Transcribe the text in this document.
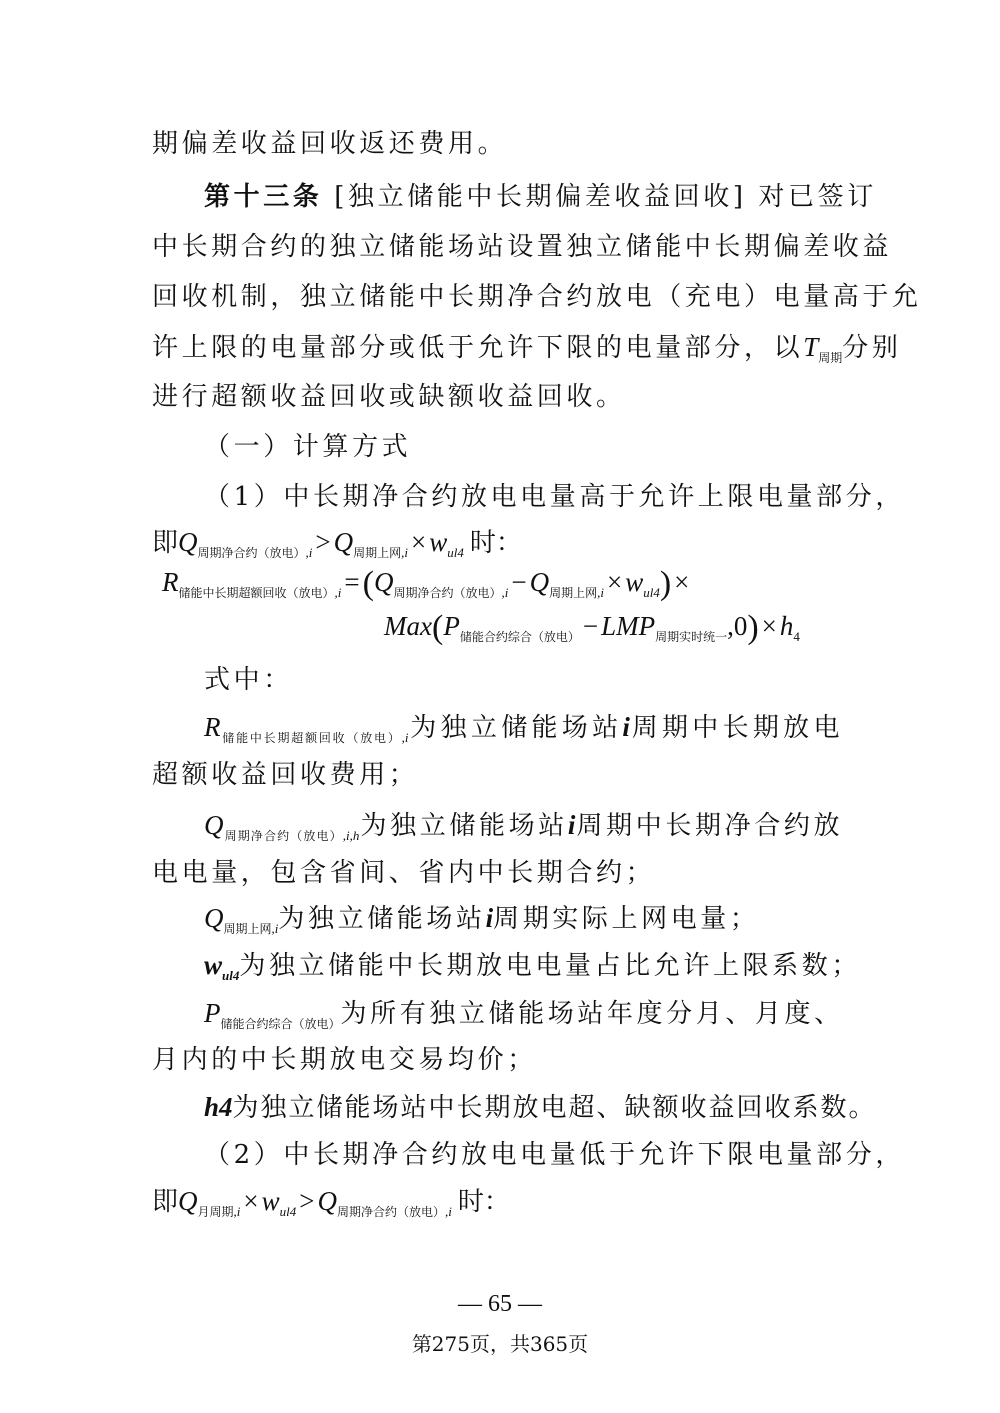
期偏差收益回收返还费用。
第十三条 [独立储能中长期偏差收益回收] 对已签订
中长期合约的独立储能场站设置独立储能中长期偏差收益
回收机制，独立储能中长期净合约放电（充电）电量高于允
许上限的电量部分或低于允许下限的电量部分，以$T_{周期}$分别
进行超额收益回收或缺额收益回收。
（一）计算方式
（1）中长期净合约放电电量高于允许上限电量部分，
即$Q_{周期净合约(放电),i} > Q_{周期上网,i} \times w_{ul4}$ 时：
$R_{储能中长期超额回收(放电),i} =(Q_{周期净合约(放电),i} - Q_{周期上网,i} \times w_{ul4})$ ×
$Max(P_{储能合约综合(放电)} - LMP_{周期实时统一},0) \times h_4$
式中：
$R_{储能中长期超额回收(放电),i}$为独立储能场站i周期中长期放电
超额收益回收费用；
$Q_{周期净合约(放电),i,h}$为独立储能场站i周期中长期净合约放
电电量，包含省间、省内中长期合约；
$Q_{周期上网,i}$为独立储能场站i周期实际上网电量；
$w_{ul4}$为独立储能中长期放电电量占比允许上限系数；
$P_{储能合约综合(放电)}$为所有独立储能场站年度分月、月度、
月内的中长期放电交易均价；
h4为独立储能场站中长期放电超、缺额收益回收系数。
（2）中长期净合约放电电量低于允许下限电量部分，
即$Q_{月周期,i} \times w_{ul4} > Q_{周期净合约(放电),i}$ 时：
— 65 —
第275页，共365页
